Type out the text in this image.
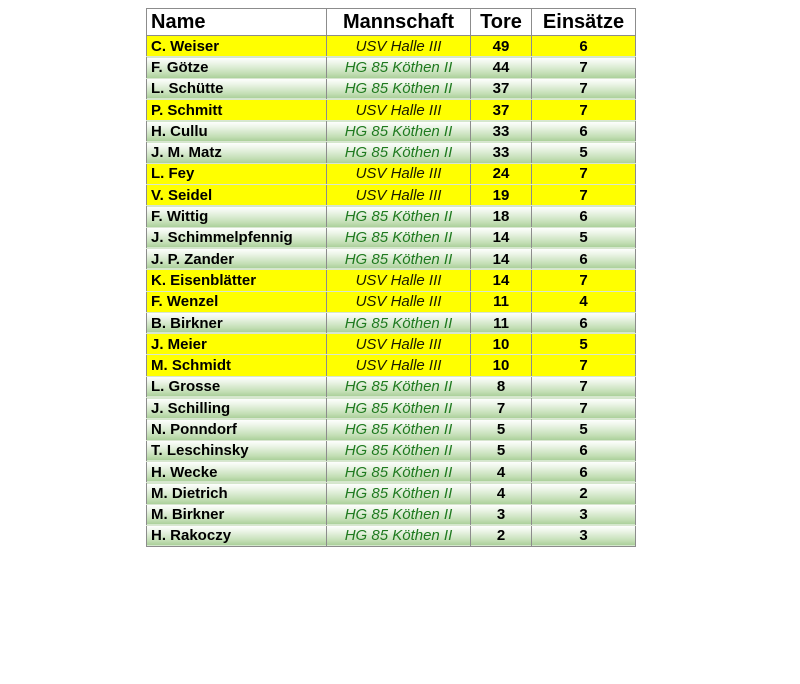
Name	Mannschaft	Tore	Einsätze
C. Weiser	USV Halle III	49	6
F. Götze	HG 85 Köthen II	44	7
L. Schütte	HG 85 Köthen II	37	7
P. Schmitt	USV Halle III	37	7
H. Cullu	HG 85 Köthen II	33	6
J. M. Matz	HG 85 Köthen II	33	5
L. Fey	USV Halle III	24	7
V. Seidel	USV Halle III	19	7
F. Wittig	HG 85 Köthen II	18	6
J. Schimmelpfennig	HG 85 Köthen II	14	5
J. P. Zander	HG 85 Köthen II	14	6
K. Eisenblätter	USV Halle III	14	7
F. Wenzel	USV Halle III	11	4
B. Birkner	HG 85 Köthen II	11	6
J. Meier	USV Halle III	10	5
M. Schmidt	USV Halle III	10	7
L. Grosse	HG 85 Köthen II	8	7
J. Schilling	HG 85 Köthen II	7	7
N. Ponndorf	HG 85 Köthen II	5	5
T. Leschinsky	HG 85 Köthen II	5	6
H. Wecke	HG 85 Köthen II	4	6
M. Dietrich	HG 85 Köthen II	4	2
M. Birkner	HG 85 Köthen II	3	3
H. Rakoczy	HG 85 Köthen II	2	3
